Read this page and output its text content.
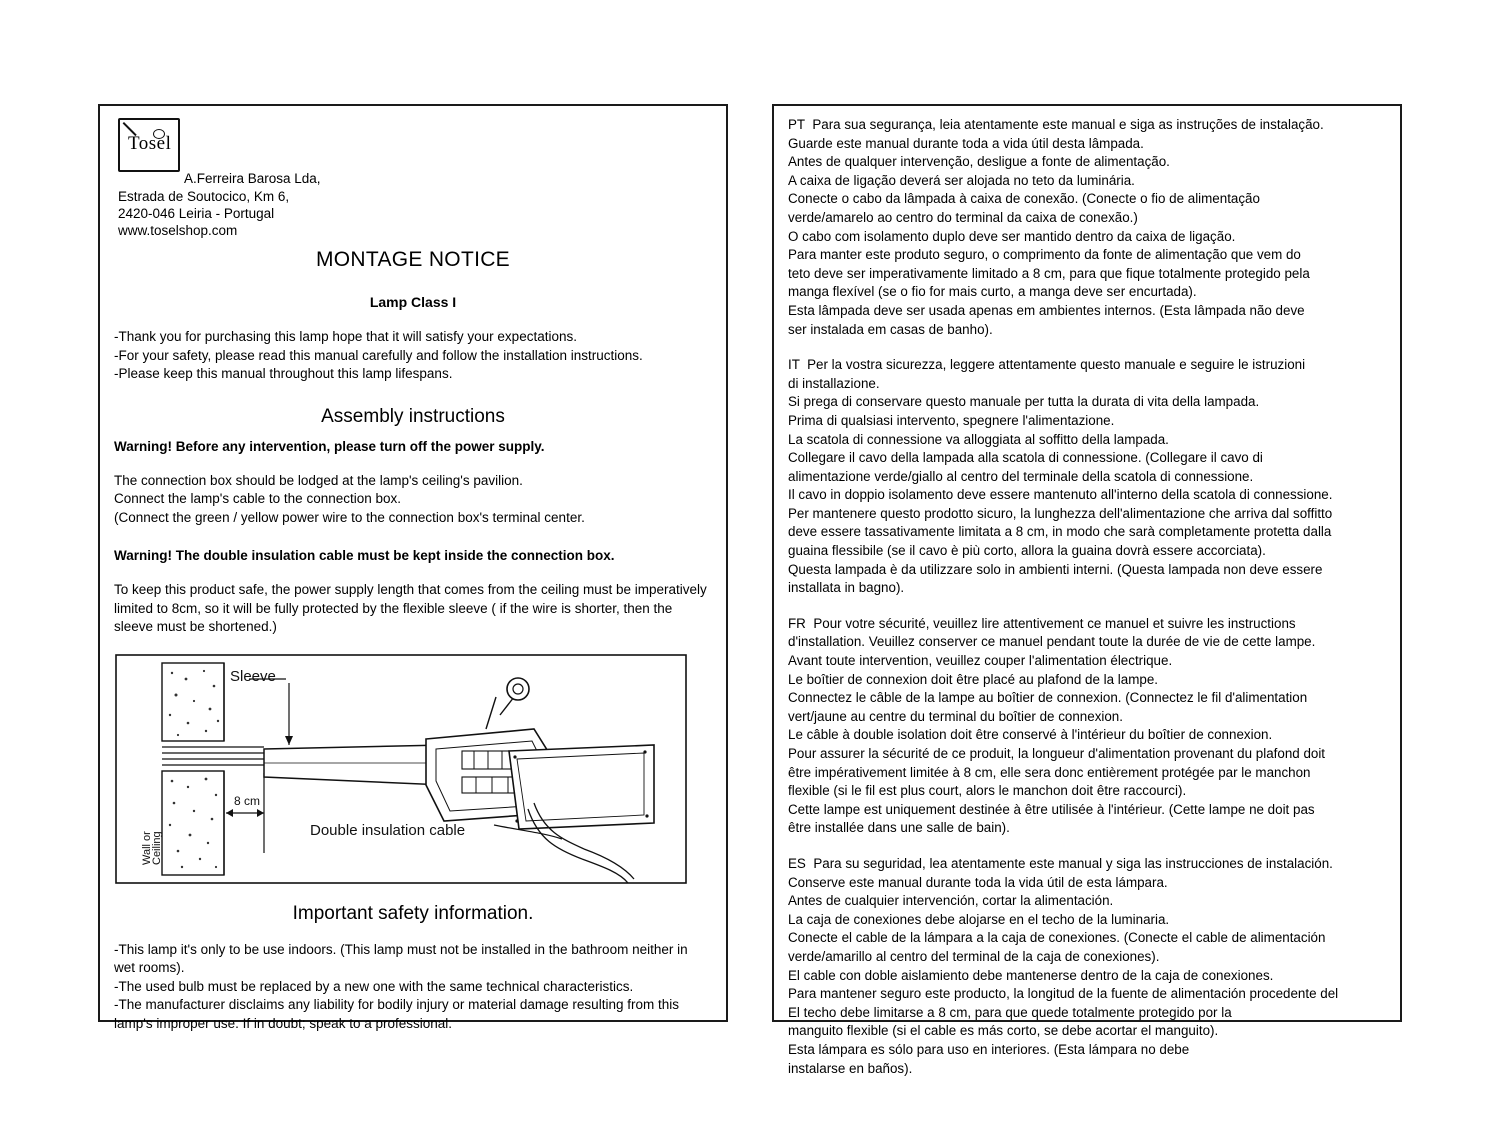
Tosel
A.Ferreira Barosa Lda,
Estrada de Soutocico, Km 6,
2420-046 Leiria - Portugal
www.toselshop.com
MONTAGE NOTICE
Lamp Class I
-Thank you for purchasing this lamp hope that it will satisfy your expectations.
-For your safety, please read this manual carefully and follow the installation instructions.
-Please keep this manual throughout this lamp lifespans.
Assembly instructions
Warning! Before any intervention, please turn off the power supply.
The connection box should be lodged at the lamp's ceiling's pavilion.
Connect the lamp's cable to the connection box.
(Connect the green / yellow power wire to the connection box's terminal center.
Warning! The double insulation cable must be kept inside the connection box.
To keep this product safe, the power supply length that comes from the ceiling must be imperatively limited to 8cm, so it will be fully protected by the flexible sleeve ( if the wire is shorter, then the sleeve must be shortened.)
8 cm
Sleeve
Double insulation cable
Wall or
Ceiling
Important safety information.
-This lamp it's only to be use indoors. (This lamp must not be installed in the bathroom neither in wet rooms).
-The used bulb must be replaced by a new one with the same technical characteristics.
-The manufacturer disclaims any liability for bodily injury or material damage resulting from this lamp's improper use. If in doubt; speak to a professional.

PT Para sua segurança, leia atentamente este manual e siga as instruções de instalação.

Guarde este manual durante toda a vida útil desta lâmpada.

Antes de qualquer intervenção, desligue a fonte de alimentação.

A caixa de ligação deverá ser alojada no teto da luminária.

Conecte o cabo da lâmpada à caixa de conexão. (Conecte o fio de alimentação

verde/amarelo ao centro do terminal da caixa de conexão.)

O cabo com isolamento duplo deve ser mantido dentro da caixa de ligação.

Para manter este produto seguro, o comprimento da fonte de alimentação que vem do

teto deve ser imperativamente limitado a 8 cm, para que fique totalmente protegido pela

manga flexível (se o fio for mais curto, a manga deve ser encurtada).

Esta lâmpada deve ser usada apenas em ambientes internos. (Esta lâmpada não deve

ser instalada em casas de banho).

IT Per la vostra sicurezza, leggere attentamente questo manuale e seguire le istruzioni

di installazione.

Si prega di conservare questo manuale per tutta la durata di vita della lampada.

Prima di qualsiasi intervento, spegnere l'alimentazione.

La scatola di connessione va alloggiata al soffitto della lampada.

Collegare il cavo della lampada alla scatola di connessione. (Collegare il cavo di

alimentazione verde/giallo al centro del terminale della scatola di connessione.

Il cavo in doppio isolamento deve essere mantenuto all'interno della scatola di connessione.

Per mantenere questo prodotto sicuro, la lunghezza dell'alimentazione che arriva dal soffitto

deve essere tassativamente limitata a 8 cm, in modo che sarà completamente protetta dalla

guaina flessibile (se il cavo è più corto, allora la guaina dovrà essere accorciata).

Questa lampada è da utilizzare solo in ambienti interni. (Questa lampada non deve essere

installata in bagno).

FR Pour votre sécurité, veuillez lire attentivement ce manuel et suivre les instructions

d'installation. Veuillez conserver ce manuel pendant toute la durée de vie de cette lampe.

Avant toute intervention, veuillez couper l'alimentation électrique.

Le boîtier de connexion doit être placé au plafond de la lampe.

Connectez le câble de la lampe au boîtier de connexion. (Connectez le fil d'alimentation

vert/jaune au centre du terminal du boîtier de connexion.

Le câble à double isolation doit être conservé à l'intérieur du boîtier de connexion.

Pour assurer la sécurité de ce produit, la longueur d'alimentation provenant du plafond doit

être impérativement limitée à 8 cm, elle sera donc entièrement protégée par le manchon

flexible (si le fil est plus court, alors le manchon doit être raccourci).

Cette lampe est uniquement destinée à être utilisée à l'intérieur. (Cette lampe ne doit pas

être installée dans une salle de bain).

ES Para su seguridad, lea atentamente este manual y siga las instrucciones de instalación.

Conserve este manual durante toda la vida útil de esta lámpara.

Antes de cualquier intervención, cortar la alimentación.

La caja de conexiones debe alojarse en el techo de la luminaria.

Conecte el cable de la lámpara a la caja de conexiones. (Conecte el cable de alimentación

verde/amarillo al centro del terminal de la caja de conexiones).

El cable con doble aislamiento debe mantenerse dentro de la caja de conexiones.

Para mantener seguro este producto, la longitud de la fuente de alimentación procedente del

El techo debe limitarse a 8 cm, para que quede totalmente protegido por la

manguito flexible (si el cable es más corto, se debe acortar el manguito).

Esta lámpara es sólo para uso en interiores. (Esta lámpara no debe

instalarse en baños).
